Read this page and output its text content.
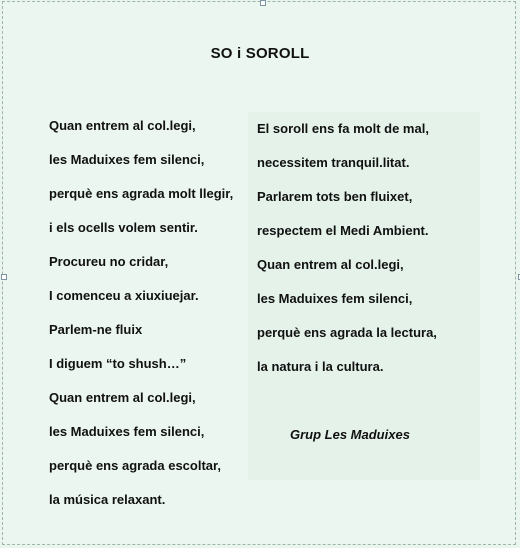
SO i SOROLL
Quan entrem al col.legi,
les Maduixes fem silenci,
perquè ens agrada molt llegir,
i els ocells volem sentir.
Procureu no cridar,
I comenceu a xiuxiuejar.
Parlem-ne fluix
I diguem “to shush…”
Quan entrem al col.legi,
les Maduixes fem silenci,
perquè ens agrada escoltar,
la música relaxant.
El soroll ens fa molt de mal,
necessitem tranquil.litat.
Parlarem tots ben fluixet,
respectem el Medi Ambient.
Quan entrem al col.legi,
les Maduixes fem silenci,
perquè ens agrada la lectura,
la natura i la cultura.
Grup Les Maduixes
